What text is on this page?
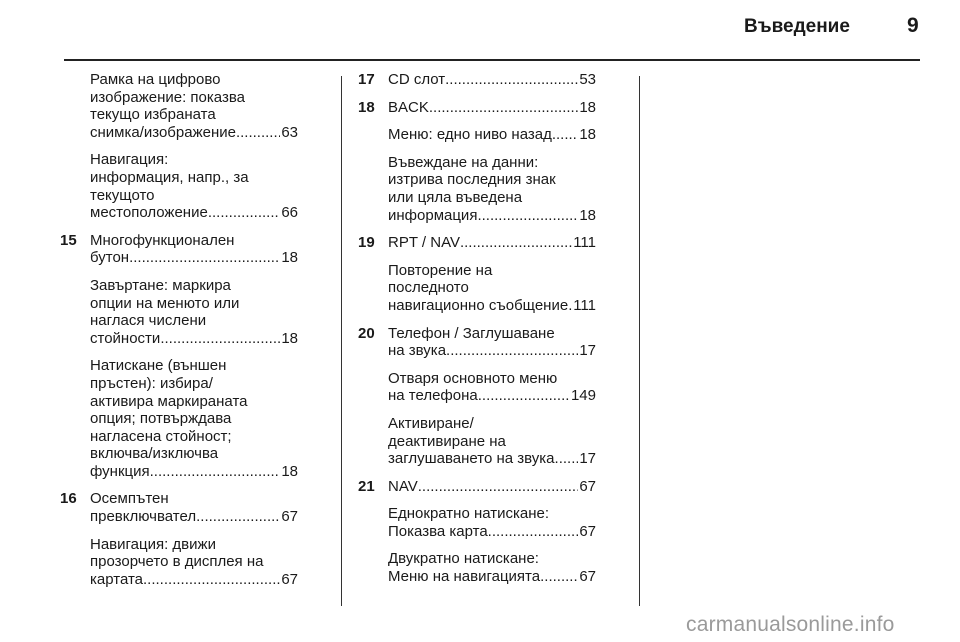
Въведение	9
Рамка на цифрово
изображение: показва
текущо избраната
снимка/изображение .....	63
Навигация:
информация, напр., за
текущото
местоположение .....	66
15 Многофункционален
бутон .....	18
Завъртане: маркира
опции на менюто или
наглася числени
стойности .....	18
Натискане (външен
пръстен): избира/
активира маркираната
опция; потвърждава
нагласена стойност;
включва/изключва
функция .....	18
16 Осемпътен
превключвател .....	67
Навигация: движи
прозорчето в дисплея на
картата .....	67
17 CD слот .....	53
18 BACK .....	18
Меню: едно ниво назад ..... 18
Въвеждане на данни:
изтрива последния знак
или цяла въведена
информация .....	18
19 RPT / NAV .....	111
Повторение на
последното
навигационно съобщение ..... 111
20 Телефон / Заглушаване
на звука .....	17
Отваря основното меню
на телефона .....	149
Активиране/
деактивиране на
заглушаването на звука ..... 17
21 NAV .....	67
Еднократно натискане:
Показва карта .....	67
Двукратно натискане:
Меню на навигацията .....	67
carmanualsonline.info
